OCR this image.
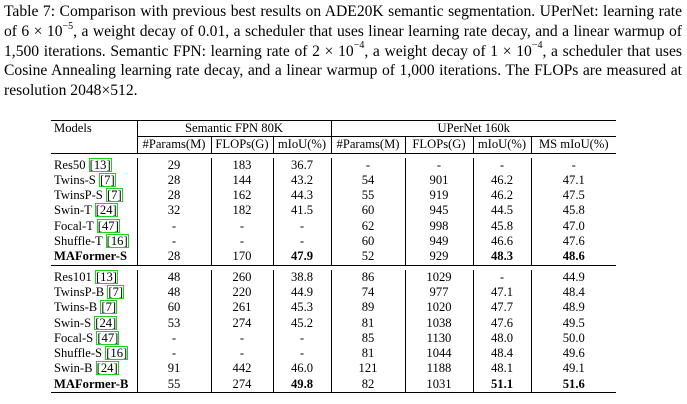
Table 7: Comparison with previous best results on ADE20K semantic segmentation. UPerNet: learning rate of $6 \times 10^{-5}$, a weight decay of 0.01, a scheduler that uses linear learning rate decay, and a linear warmup of 1,500 iterations. Semantic FPN: learning rate of $2 \times 10^{-4}$, a weight decay of $1 \times 10^{-4}$, a scheduler that uses Cosine Annealing learning rate decay, and a linear warmup of 1,000 iterations. The FLOPs are measured at resolution 2048×512.

Models	Semantic FPN 80K			UPerNet 160k			
	#Params(M)	FLOPs(G)	mIoU(%)	#Params(M)	FLOPs(G)	mIoU(%)	MS mIoU(%)

Res50 [13]	29	183	36.7	-	-	-	-
Twins-S [7]	28	144	43.2	54	901	46.2	47.1
TwinsP-S [7]	28	162	44.3	55	919	46.2	47.5
Swin-T [24]	32	182	41.5	60	945	44.5	45.8
Focal-T [47]	-	-	-	62	998	45.8	47.0
Shuffle-T [16]	-	-	-	60	949	46.6	47.6
MAFormer-S	28	170	47.9	52	929	48.3	48.6

Res101 [13]	48	260	38.8	86	1029	-	44.9
TwinsP-B [7]	48	220	44.9	74	977	47.1	48.4
Twins-B [7]	60	261	45.3	89	1020	47.7	48.9
Swin-S [24]	53	274	45.2	81	1038	47.6	49.5
Focal-S [47]	-	-	-	85	1130	48.0	50.0
Shuffle-S [16]	-	-	-	81	1044	48.4	49.6
Swin-B [24]	91	442	46.0	121	1188	48.1	49.1
MAFormer-B	55	274	49.8	82	1031	51.1	51.6
